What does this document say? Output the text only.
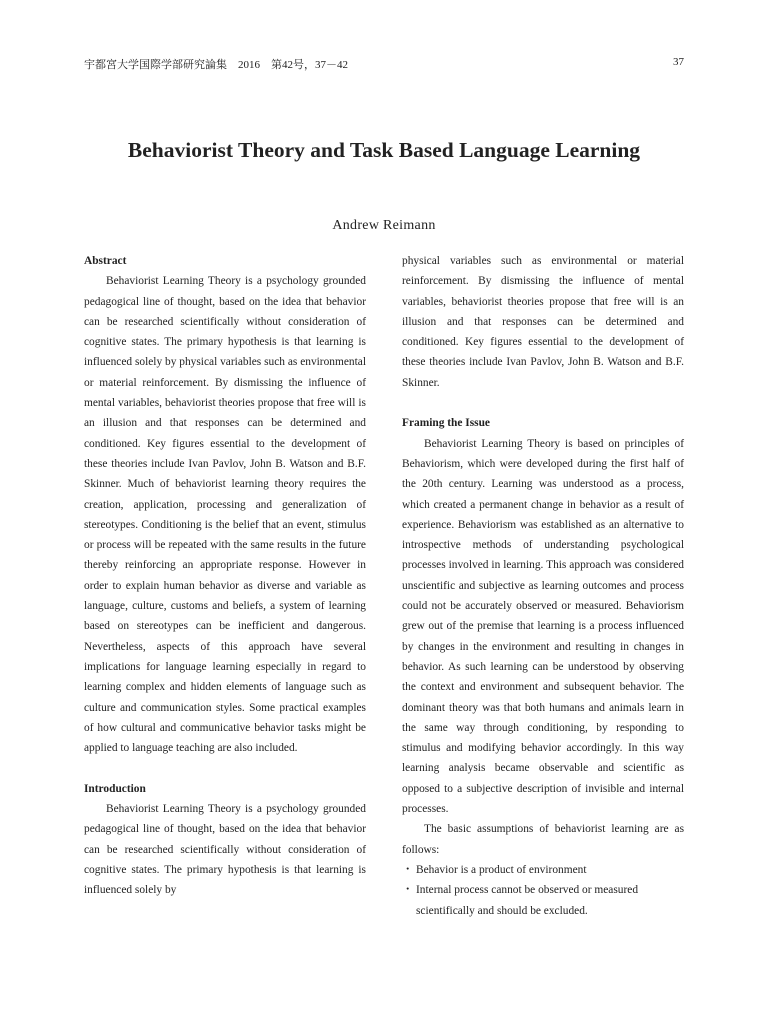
宇都宮大学国際学部研究論集　2016　第42号，37－42	37
Behaviorist Theory and Task Based Language Learning
Andrew Reimann
Abstract

Behaviorist Learning Theory is a psychology grounded pedagogical line of thought, based on the idea that behavior can be researched scientifically without consideration of cognitive states. The primary hypothesis is that learning is influenced solely by physical variables such as environmental or material reinforcement. By dismissing the influence of mental variables, behaviorist theories propose that free will is an illusion and that responses can be determined and conditioned. Key figures essential to the development of these theories include Ivan Pavlov, John B. Watson and B.F. Skinner. Much of behaviorist learning theory requires the creation, application, processing and generalization of stereotypes. Conditioning is the belief that an event, stimulus or process will be repeated with the same results in the future thereby reinforcing an appropriate response. However in order to explain human behavior as diverse and variable as language, culture, customs and beliefs, a system of learning based on stereotypes can be inefficient and dangerous. Nevertheless, aspects of this approach have several implications for language learning especially in regard to learning complex and hidden elements of language such as culture and communication styles. Some practical examples of how cultural and communicative behavior tasks might be applied to language teaching are also included.

Introduction

Behaviorist Learning Theory is a psychology grounded pedagogical line of thought, based on the idea that behavior can be researched scientifically without consideration of cognitive states. The primary hypothesis is that learning is influenced solely by

physical variables such as environmental or material reinforcement. By dismissing the influence of mental variables, behaviorist theories propose that free will is an illusion and that responses can be determined and conditioned. Key figures essential to the development of these theories include Ivan Pavlov, John B. Watson and B.F. Skinner.

Framing the Issue

Behaviorist Learning Theory is based on principles of Behaviorism, which were developed during the first half of the 20th century. Learning was understood as a process, which created a permanent change in behavior as a result of experience. Behaviorism was established as an alternative to introspective methods of understanding psychological processes involved in learning. This approach was considered unscientific and subjective as learning outcomes and process could not be accurately observed or measured. Behaviorism grew out of the premise that learning is a process influenced by changes in the environment and resulting in changes in behavior. As such learning can be understood by observing the context and environment and subsequent behavior. The dominant theory was that both humans and animals learn in the same way through conditioning, by responding to stimulus and modifying behavior accordingly. In this way learning analysis became observable and scientific as opposed to a subjective description of invisible and internal processes.

The basic assumptions of behaviorist learning are as follows:

・ Behavior is a product of environment
・ Internal process cannot be observed or measured scientifically and should be excluded.
